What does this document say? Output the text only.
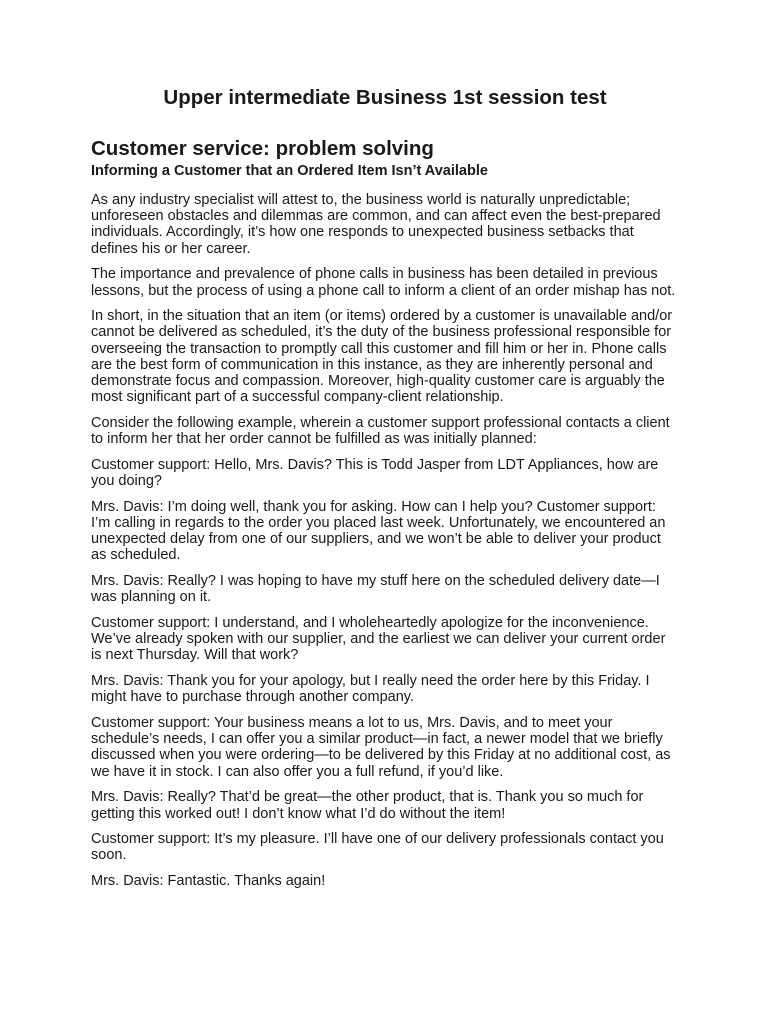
Upper intermediate Business 1st session test
Customer service: problem solving
Informing a Customer that an Ordered Item Isn’t Available

As any industry specialist will attest to, the business world is naturally unpredictable; unforeseen obstacles and dilemmas are common, and can affect even the best-prepared individuals. Accordingly, it’s how one responds to unexpected business setbacks that defines his or her career.

The importance and prevalence of phone calls in business has been detailed in previous lessons, but the process of using a phone call to inform a client of an order mishap has not.

In short, in the situation that an item (or items) ordered by a customer is unavailable and/or cannot be delivered as scheduled, it’s the duty of the business professional responsible for overseeing the transaction to promptly call this customer and fill him or her in. Phone calls are the best form of communication in this instance, as they are inherently personal and demonstrate focus and compassion. Moreover, high-quality customer care is arguably the most significant part of a successful company-client relationship.

Consider the following example, wherein a customer support professional contacts a client to inform her that her order cannot be fulfilled as was initially planned:

Customer support: Hello, Mrs. Davis? This is Todd Jasper from LDT Appliances, how are you doing?

Mrs. Davis: I’m doing well, thank you for asking. How can I help you? Customer support: I’m calling in regards to the order you placed last week. Unfortunately, we encountered an unexpected delay from one of our suppliers, and we won’t be able to deliver your product as scheduled.

Mrs. Davis: Really? I was hoping to have my stuff here on the scheduled delivery date—I was planning on it.

Customer support: I understand, and I wholeheartedly apologize for the inconvenience. We’ve already spoken with our supplier, and the earliest we can deliver your current order is next Thursday. Will that work?

Mrs. Davis: Thank you for your apology, but I really need the order here by this Friday. I might have to purchase through another company.

Customer support: Your business means a lot to us, Mrs. Davis, and to meet your schedule’s needs, I can offer you a similar product—in fact, a newer model that we briefly discussed when you were ordering—to be delivered by this Friday at no additional cost, as we have it in stock. I can also offer you a full refund, if you’d like.

Mrs. Davis: Really? That’d be great—the other product, that is. Thank you so much for getting this worked out! I don’t know what I’d do without the item!

Customer support: It’s my pleasure. I’ll have one of our delivery professionals contact you soon.

Mrs. Davis: Fantastic. Thanks again!
